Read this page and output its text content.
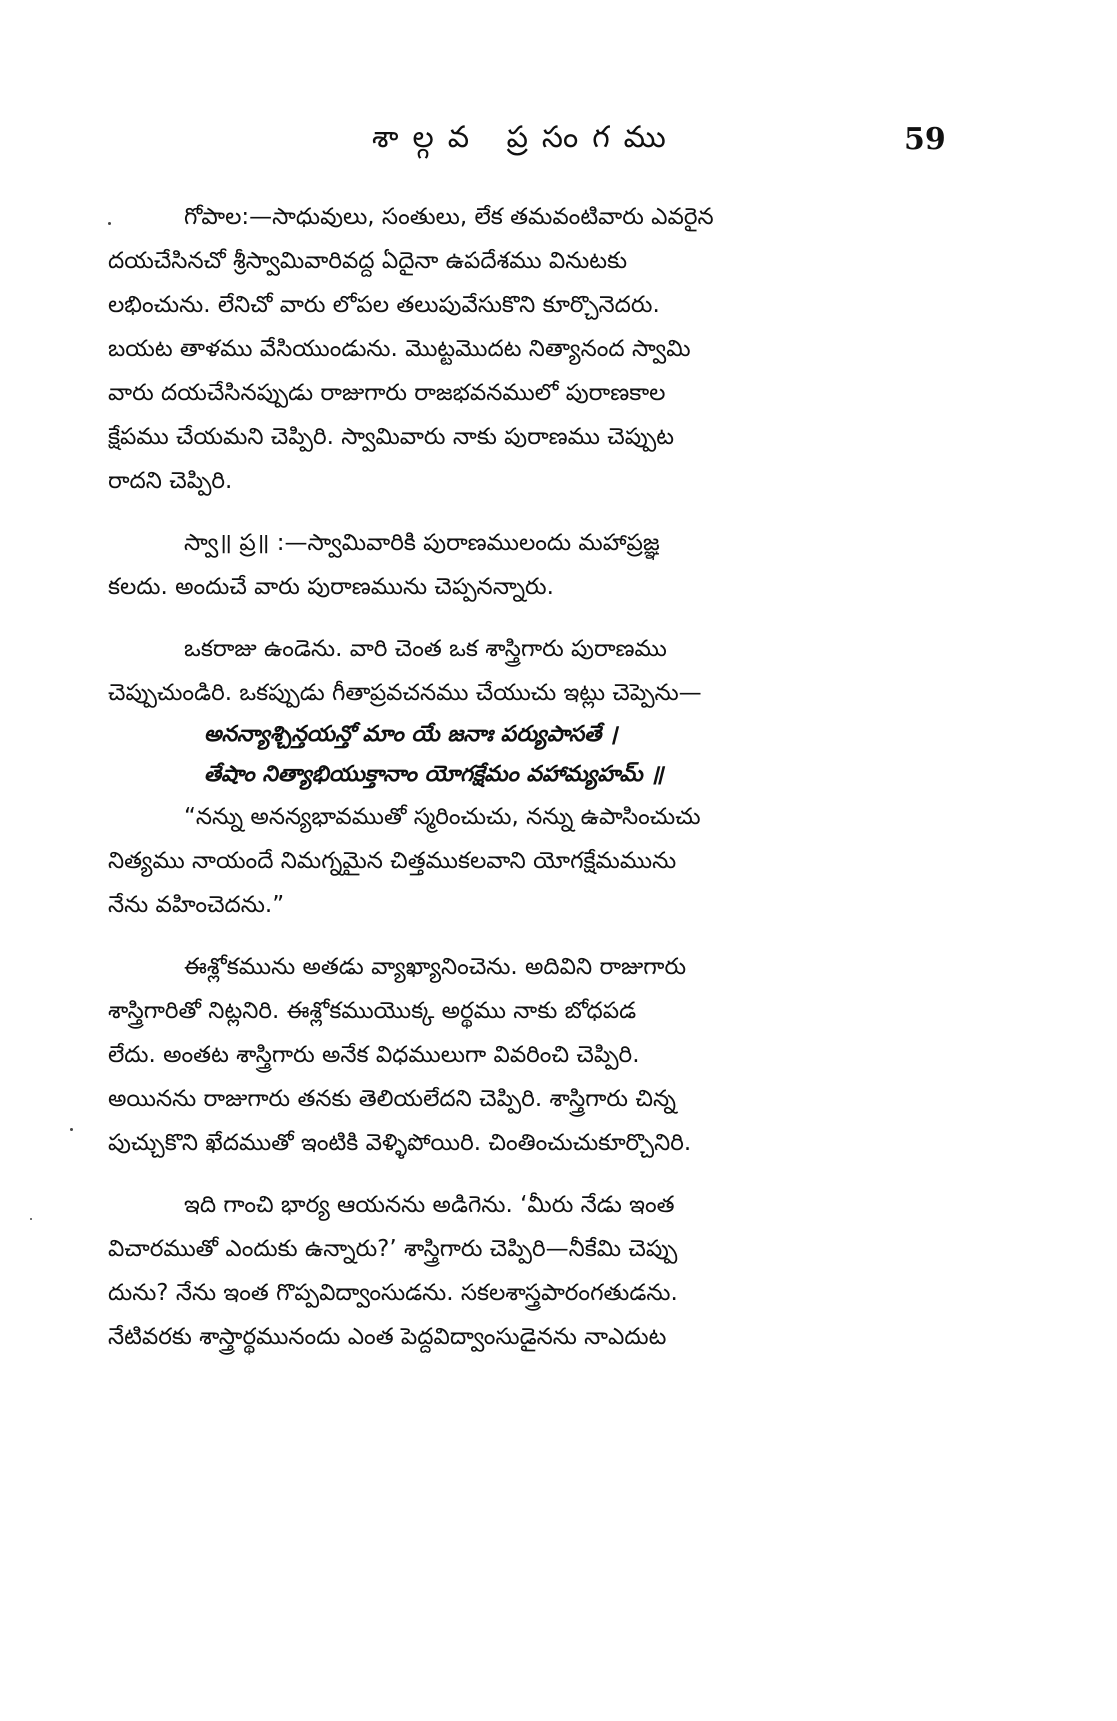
శాల్గవ ప్రసంగము	59
గోపాల:—సాధువులు, సంతులు, లేక తమవంటివారు ఎవరైన
దయచేసినచో శ్రీస్వామివారివద్ద ఏదైనా ఉపదేశము వినుటకు
లభించును. లేనిచో వారు లోపల తలుపువేసుకొని కూర్చొనెదరు.
బయట తాళము వేసియుండును. మొట్టమొదట నిత్యానంద స్వామి
వారు దయచేసినప్పుడు రాజుగారు రాజభవనములో పురాణకాల
క్షేపము చేయమని చెప్పిరి. స్వామివారు నాకు పురాణము చెప్పుట
రాదని చెప్పిరి.
స్వా॥ ప్ర॥ :—స్వామివారికి పురాణములందు మహాప్రజ్ఞ
కలదు. అందుచే వారు పురాణమును చెప్పనన్నారు.
ఒకరాజు ఉండెను. వారి చెంత ఒక శాస్త్రిగారు పురాణము
చెప్పుచుండిరి. ఒకప్పుడు గీతాప్రవచనము చేయుచు ఇట్లు చెప్పెను—
అనన్యాశ్చిన్తయన్తో మాం యే జనాః పర్యుపాసతే ।
తేషాం నిత్యాభియుక్తానాం యోగక్షేమం వహామ్యహమ్ ॥
“నన్ను అనన్యభావముతో స్మరించుచు, నన్ను ఉపాసించుచు
నిత్యము నాయందే నిమగ్నమైన చిత్తముకలవాని యోగక్షేమమును
నేను వహించెదను.”
ఈశ్లోకమును అతడు వ్యాఖ్యానించెను. అదివిని రాజుగారు
శాస్త్రిగారితో నిట్లనిరి. ఈశ్లోకముయొక్క అర్థము నాకు బోధపడ
లేదు. అంతట శాస్త్రిగారు అనేక విధములుగా వివరించి చెప్పిరి.
అయినను రాజుగారు తనకు తెలియలేదని చెప్పిరి. శాస్త్రిగారు చిన్న
పుచ్చుకొని ఖేదముతో ఇంటికి వెళ్ళిపోయిరి. చింతించుచుకూర్చొనిరి.
ఇది గాంచి భార్య ఆయనను అడిగెను. ‘మీరు నేడు ఇంత
విచారముతో ఎందుకు ఉన్నారు?’ శాస్త్రిగారు చెప్పిరి—నీకేమి చెప్పు
దును? నేను ఇంత గొప్పవిద్వాంసుడను. సకలశాస్త్రపారంగతుడను.
నేటివరకు శాస్త్రార్థమునందు ఎంత పెద్దవిద్వాంసుడైనను నాఎదుట
